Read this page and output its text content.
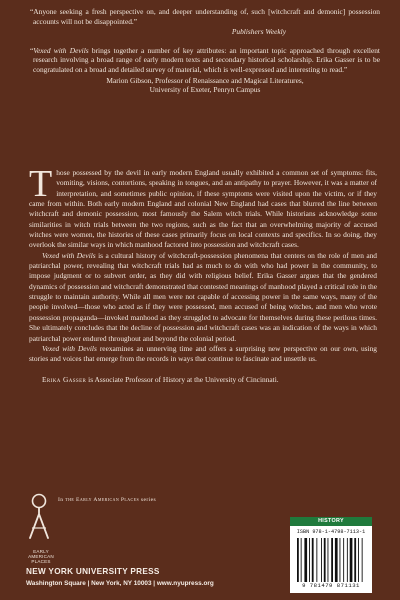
“Anyone seeking a fresh perspective on, and deeper understanding of, such [witchcraft and demonic] possession accounts will not be disappointed.”
Publishers Weekly
“Vexed with Devils brings together a number of key attributes: an important topic approached through excellent research involving a broad range of early modern texts and secondary historical scholarship. Erika Gasser is to be congratulated on a broad and detailed survey of material, which is well-expressed and interesting to read.”
Marion Gibson, Professor of Renaissance and Magical Literatures,
University of Exeter, Penryn Campus

Those possessed by the devil in early modern England usually exhibited a common set of symptoms: fits, vomiting, visions, contortions, speaking in tongues, and an antipathy to prayer. However, it was a matter of interpretation, and sometimes public opinion, if these symptoms were visited upon the victim, or if they came from within. Both early modern England and colonial New England had cases that blurred the line between witchcraft and demonic possession, most famously the Salem witch trials. While historians acknowledge some similarities in witch trials between the two regions, such as the fact that an overwhelming majority of accused witches were women, the histories of these cases primarily focus on local contexts and specifics. In so doing, they overlook the similar ways in which manhood factored into possession and witchcraft cases.

Vexed with Devils is a cultural history of witchcraft-possession phenomena that centers on the role of men and patriarchal power, revealing that witchcraft trials had as much to do with who had power in the community, to impose judgment or to subvert order, as they did with religious belief. Erika Gasser argues that the gendered dynamics of possession and witchcraft demonstrated that contested meanings of manhood played a critical role in the struggle to maintain authority. While all men were not capable of accessing power in the same ways, many of the people involved—those who acted as if they were possessed, men accused of being witches, and men who wrote possession propaganda—invoked manhood as they struggled to advocate for themselves during these perilous times. She ultimately concludes that the decline of possession and witchcraft cases was an indication of the ways in which patriarchal power endured throughout and beyond the colonial period.

Vexed with Devils reexamines an unnerving time and offers a surprising new perspective on our own, using stories and voices that emerge from the records in ways that continue to fascinate and unsettle us.

Erika Gasser is Associate Professor of History at the University of Cincinnati.

EARLY
AMERICAN
PLACES
In the Early American Places series
NEW YORK UNIVERSITY PRESS
Washington Square | New York, NY 10003 | www.nyupress.org
HISTORY
ISBN 978-1-4798-7113-1
9 781479 871131
